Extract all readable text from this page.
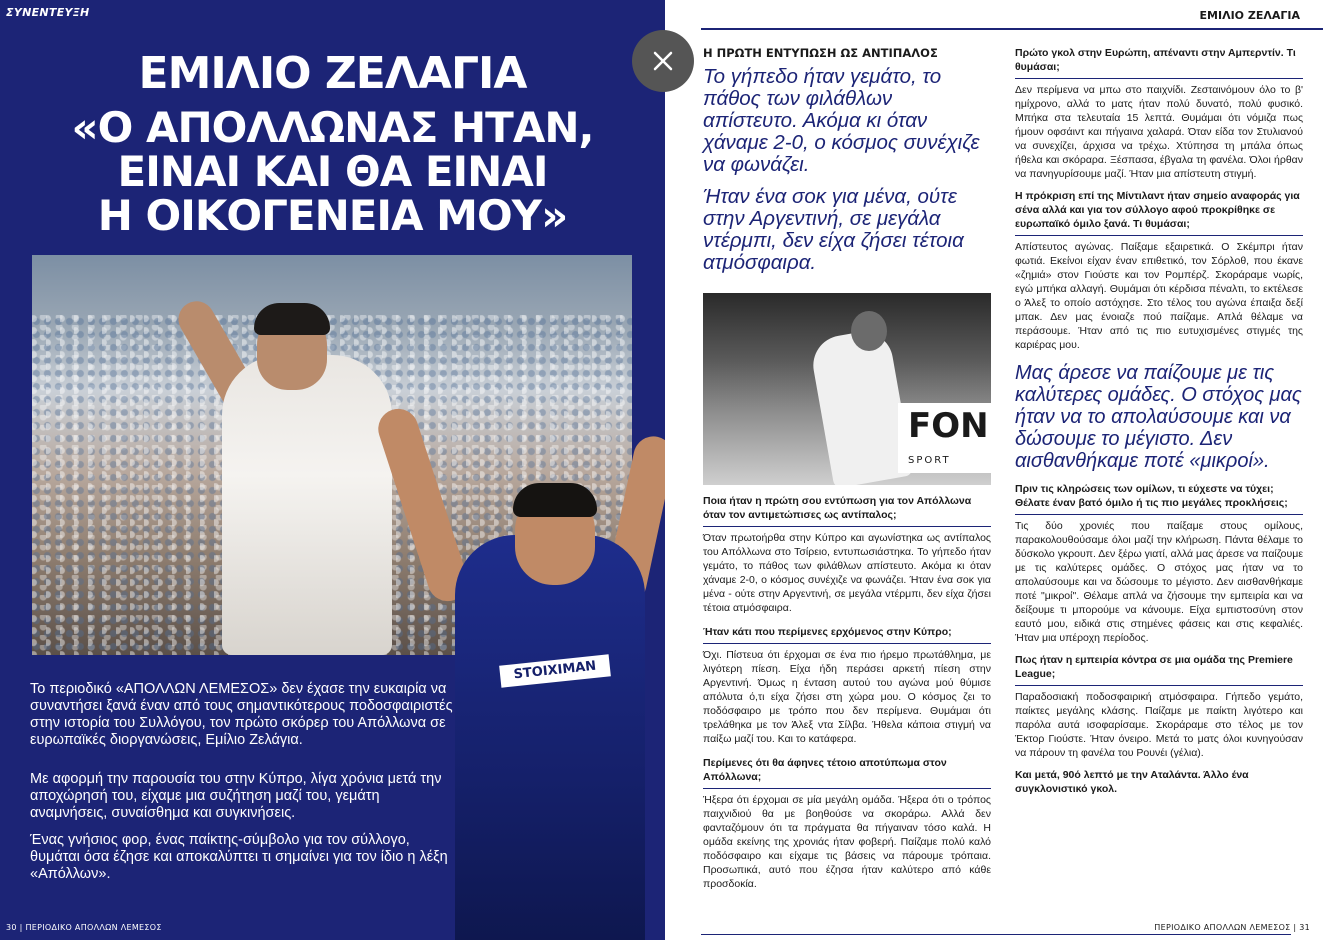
ΣΥΝΕΝΤΕΥΞΗ
ΕΜΙΛΙΟ ΖΕΛΑΓΙΑ
«Ο ΑΠΟΛΛΩΝΑΣ ΗΤΑΝ,
ΕΙΝΑΙ ΚΑΙ ΘΑ ΕΙΝΑΙ
Η ΟΙΚΟΓΕΝΕΙΑ ΜΟΥ»
STOIXIMAN

Το περιοδικό «ΑΠΟΛΛΩΝ ΛΕΜΕΣΟΣ» δεν έχασε την ευκαιρία να συναντήσει ξανά έναν από τους σημαντικότερους ποδοσφαιριστές στην ιστορία του Συλλόγου, τον πρώτο σκόρερ του Απόλλωνα σε ευρωπαϊκές διοργανώσεις, Εμίλιο Ζελάγια.

Με αφορμή την παρουσία του στην Κύπρο, λίγα χρόνια μετά την αποχώρησή του, είχαμε μια συζήτηση μαζί του, γεμάτη αναμνήσεις, συναίσθημα και συγκινήσεις.

Ένας γνήσιος φορ, ένας παίκτης-σύμβολο για τον σύλλογο, θυμάται όσα έζησε και αποκαλύπτει τι σημαίνει για τον ίδιο η λέξη «Απόλλων».

30 | ΠΕΡΙΟΔΙΚΟ ΑΠΟΛΛΩΝ ΛΕΜΕΣΟΣ
ΕΜΙΛΙΟ ΖΕΛΑΓΙΑ
Η ΠΡΩΤΗ ΕΝΤΥΠΩΣΗ ΩΣ ΑΝΤΙΠΑΛΟΣ
Το γήπεδο ήταν γεμάτο, το πάθος των φιλάθλων απίστευτο. Ακόμα κι όταν χάναμε 2-0, ο κόσμος συνέχιζε να φωνάζει.
Ήταν ένα σοκ για μένα, ούτε στην Αργεντινή, σε μεγάλα ντέρμπι, δεν είχα ζήσει τέτοια ατμόσφαιρα.
FON
SPORT
Ποια ήταν η πρώτη σου εντύπωση για τον Απόλλωνα όταν τον αντιμετώπισες ως αντίπαλος;
Όταν πρωτοήρθα στην Κύπρο και αγωνίστηκα ως αντίπαλος του Απόλλωνα στο Τσίρειο, εντυπωσιάστηκα. Το γήπεδο ήταν γεμάτο, το πάθος των φιλάθλων απίστευτο. Ακόμα κι όταν χάναμε 2-0, ο κόσμος συνέχιζε να φωνάζει. Ήταν ένα σοκ για μένα - ούτε στην Αργεντινή, σε μεγάλα ντέρμπι, δεν είχα ζήσει τέτοια ατμόσφαιρα.
Ήταν κάτι που περίμενες ερχόμενος στην Κύπρο;
Όχι. Πίστευα ότι έρχομαι σε ένα πιο ήρεμο πρωτάθλημα, με λιγότερη πίεση. Είχα ήδη περάσει αρκετή πίεση στην Αργεντινή. Όμως η ένταση αυτού του αγώνα μού θύμισε απόλυτα ό,τι είχα ζήσει στη χώρα μου. Ο κόσμος ζει το ποδόσφαιρο με τρόπο που δεν περίμενα. Θυμάμαι ότι τρελάθηκα με τον Άλεξ ντα Σίλβα. Ήθελα κάποια στιγμή να παίξω μαζί του. Και το κατάφερα.
Περίμενες ότι θα άφηνες τέτοιο αποτύπωμα στον Απόλλωνα;
Ήξερα ότι έρχομαι σε μία μεγάλη ομάδα. Ήξερα ότι ο τρόπος παιχνιδιού θα με βοηθούσε να σκοράρω. Αλλά δεν φανταζόμουν ότι τα πράγματα θα πήγαιναν τόσο καλά. Η ομάδα εκείνης της χρονιάς ήταν φοβερή. Παίζαμε πολύ καλό ποδόσφαιρο και είχαμε τις βάσεις να πάρουμε τρόπαια. Προσωπικά, αυτό που έζησα ήταν καλύτερο από κάθε προσδοκία.
Πρώτο γκολ στην Ευρώπη, απέναντι στην Αμπερντίν. Τι θυμάσαι;
Δεν περίμενα να μπω στο παιχνίδι. Ζεσταινόμουν όλο το β' ημίχρονο, αλλά το ματς ήταν πολύ δυνατό, πολύ φυσικό. Μπήκα στα τελευταία 15 λεπτά. Θυμάμαι ότι νόμιζα πως ήμουν οφσάιντ και πήγαινα χαλαρά. Όταν είδα τον Στυλιανού να συνεχίζει, άρχισα να τρέχω. Χτύπησα τη μπάλα όπως ήθελα και σκόραρα. Ξέσπασα, έβγαλα τη φανέλα. Όλοι ήρθαν να πανηγυρίσουμε μαζί. Ήταν μια απίστευτη στιγμή.
Η πρόκριση επί της Μίντιλαντ ήταν σημείο αναφοράς για σένα αλλά και για τον σύλλογο αφού προκρίθηκε σε ευρωπαϊκό όμιλο ξανά. Τι θυμάσαι;
Απίστευτος αγώνας. Παίξαμε εξαιρετικά. Ο Σκέμπρι ήταν φωτιά. Εκείνοι είχαν έναν επιθετικό, τον Σόρλοθ, που έκανε «ζημιά» στον Γιούστε και τον Ρομπέρζ. Σκοράραμε νωρίς, εγώ μπήκα αλλαγή. Θυμάμαι ότι κέρδισα πέναλτι, το εκτέλεσε ο Άλεξ το οποίο αστόχησε. Στο τέλος του αγώνα έπαιξα δεξί μπακ. Δεν μας ένοιαζε πού παίζαμε. Απλά θέλαμε να περάσουμε. Ήταν από τις πιο ευτυχισμένες στιγμές της καριέρας μου.
Μας άρεσε να παίζουμε με τις καλύτερες ομάδες. Ο στόχος μας ήταν να το απολαύσουμε και να δώσουμε το μέγιστο. Δεν αισθανθήκαμε ποτέ «μικροί».
Πριν τις κληρώσεις των ομίλων, τι εύχεστε να τύχει; Θέλατε έναν βατό όμιλο ή τις πιο μεγάλες προκλήσεις;
Τις δύο χρονιές που παίξαμε στους ομίλους, παρακολουθούσαμε όλοι μαζί την κλήρωση. Πάντα θέλαμε το δύσκολο γκρουπ. Δεν ξέρω γιατί, αλλά μας άρεσε να παίζουμε με τις καλύτερες ομάδες. Ο στόχος μας ήταν να το απολαύσουμε και να δώσουμε το μέγιστο. Δεν αισθανθήκαμε ποτέ "μικροί". Θέλαμε απλά να ζήσουμε την εμπειρία και να δείξουμε τι μπορούμε να κάνουμε. Είχα εμπιστοσύνη στον εαυτό μου, ειδικά στις στημένες φάσεις και στις κεφαλιές. Ήταν μια υπέροχη περίοδος.
Πως ήταν η εμπειρία κόντρα σε μια ομάδα της Premiere League;
Παραδοσιακή ποδοσφαιρική ατμόσφαιρα. Γήπεδο γεμάτο, παίκτες μεγάλης κλάσης. Παίζαμε με παίκτη λιγότερο και παρόλα αυτά ισοφαρίσαμε. Σκοράραμε στο τέλος με τον Έκτορ Γιούστε. Ήταν όνειρο. Μετά το ματς όλοι κυνηγούσαν να πάρουν τη φανέλα του Ρουνέι (γέλια).
Και μετά, 90ό λεπτό με την Αταλάντα. Άλλο ένα συγκλονιστικό γκολ.
ΠΕΡΙΟΔΙΚΟ ΑΠΟΛΛΩΝ ΛΕΜΕΣΟΣ | 31
